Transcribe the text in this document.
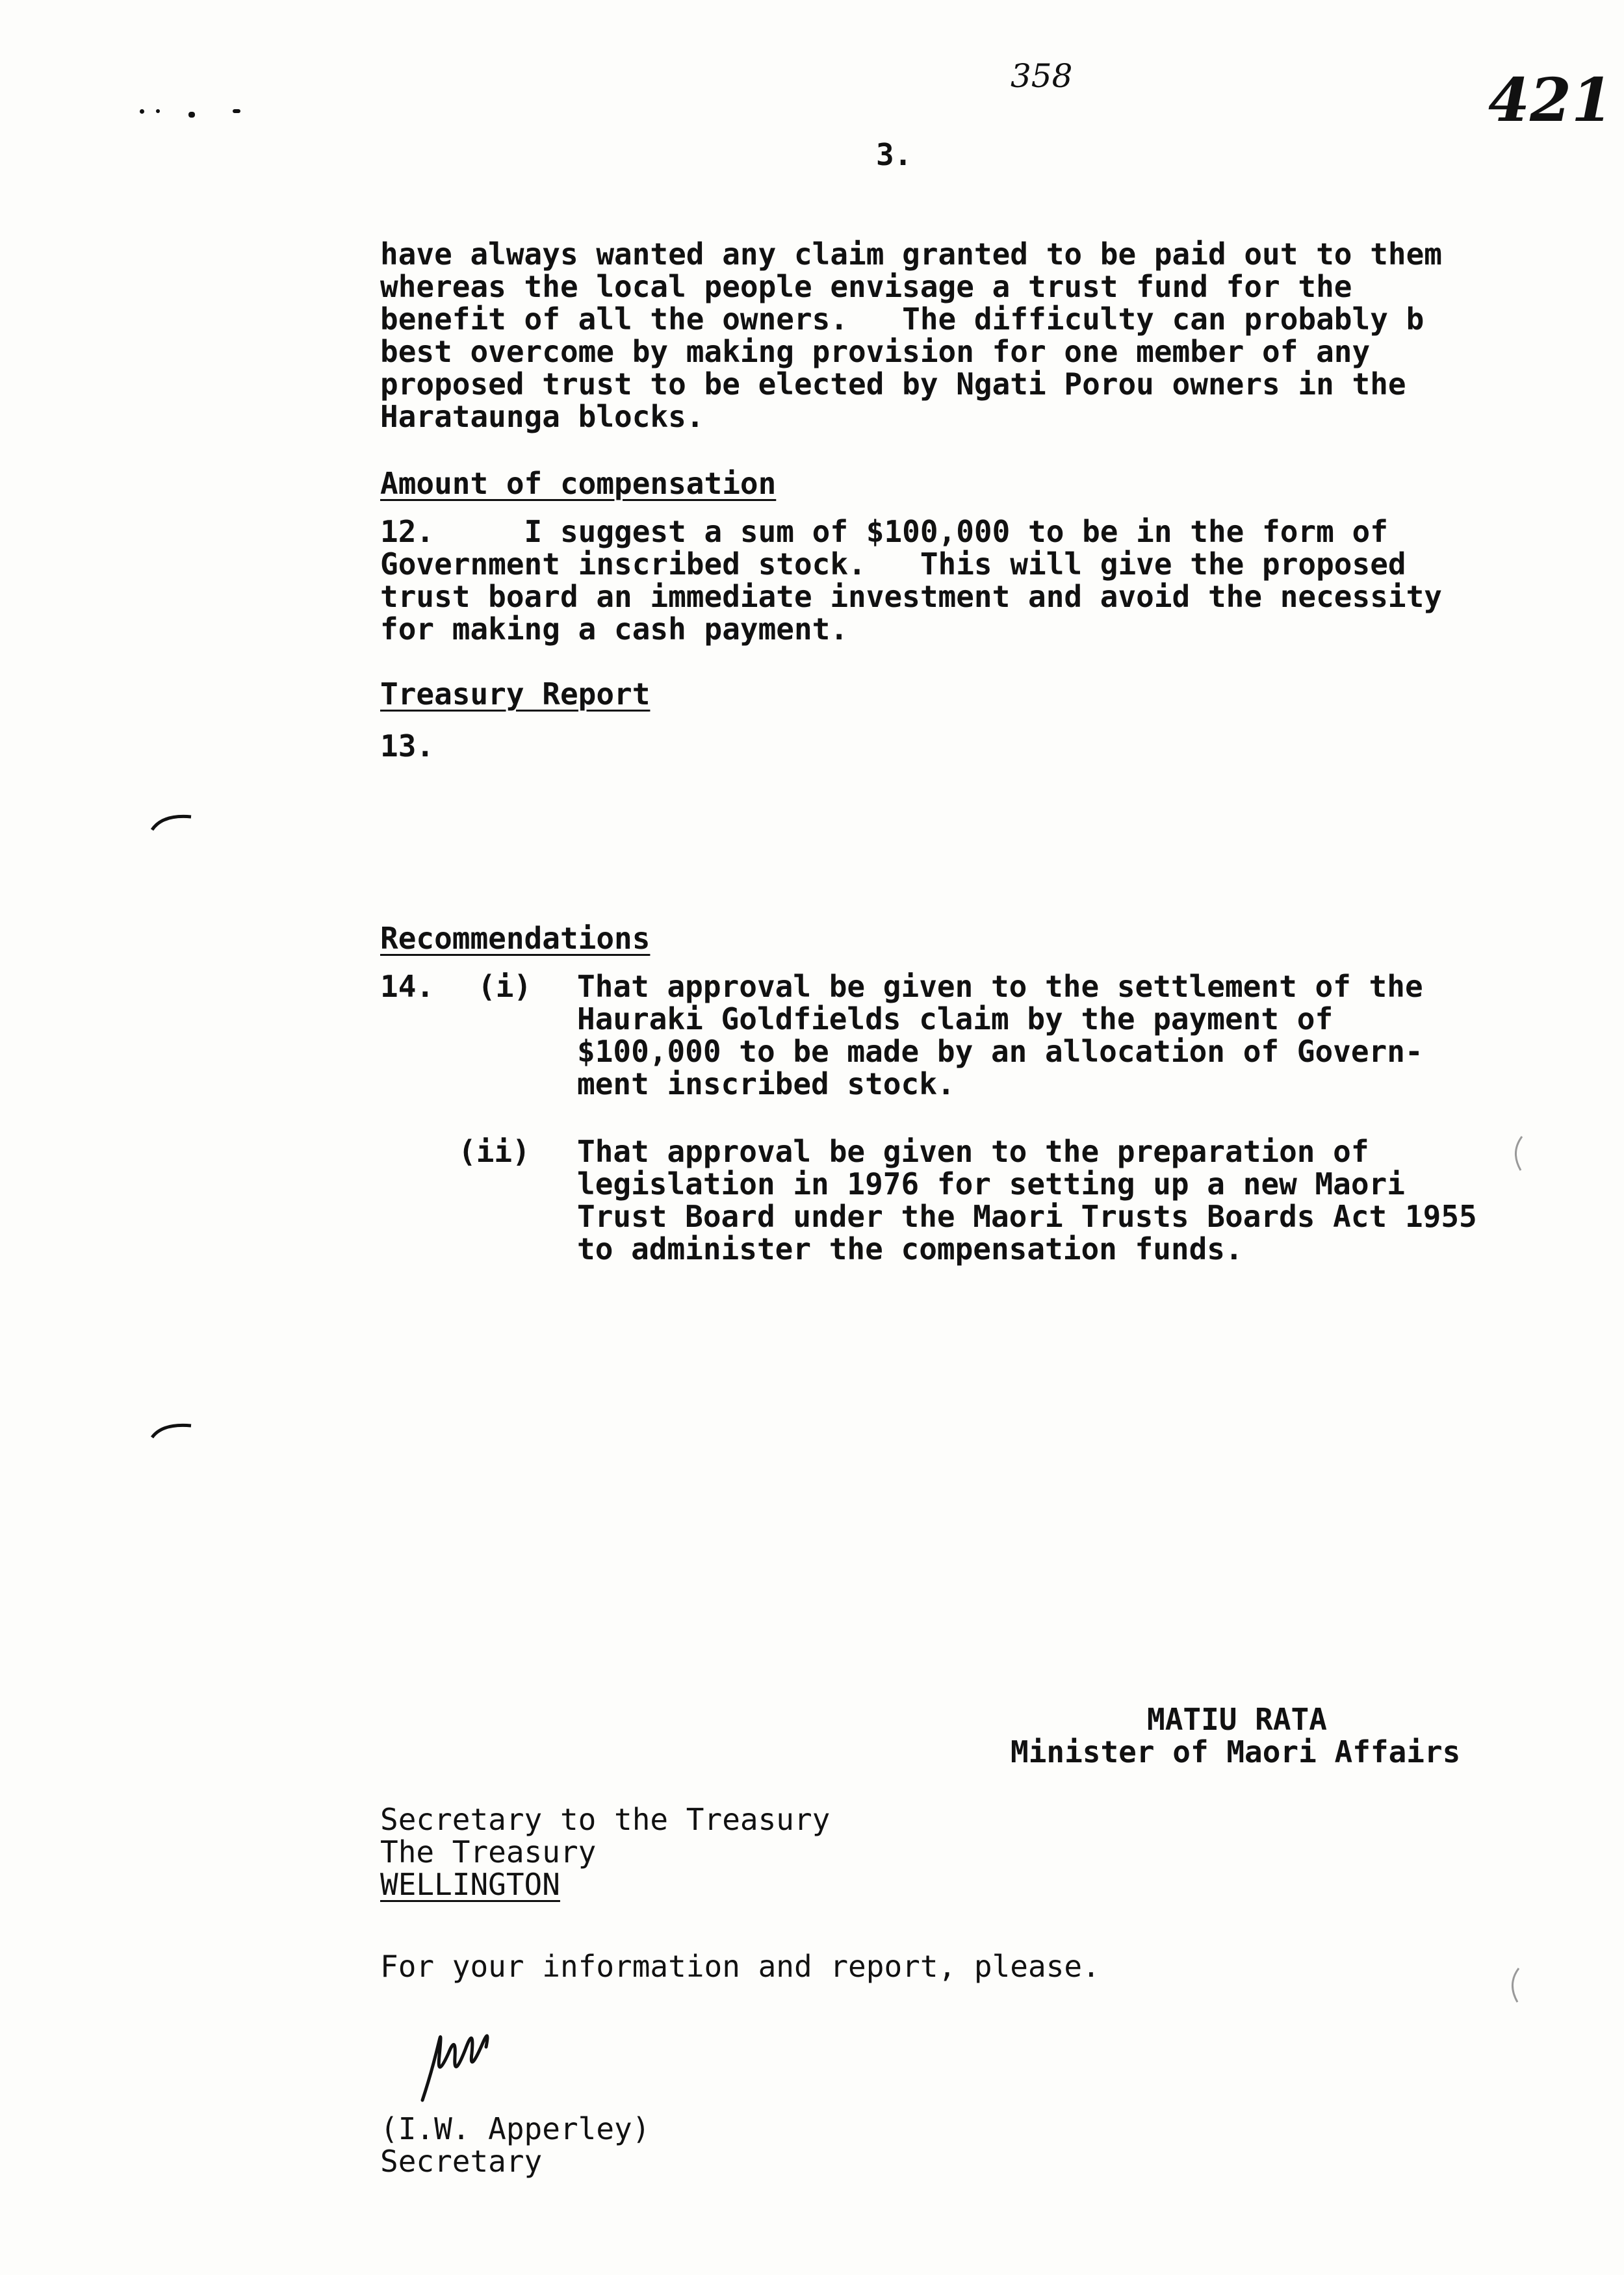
358	421
3.
have always wanted any claim granted to be paid out to them
whereas the local people envisage a trust fund for the
benefit of all the owners.   The difficulty can probably b
best overcome by making provision for one member of any
proposed trust to be elected by Ngati Porou owners in the
Harataunga blocks.
Amount of compensation
12.     I suggest a sum of $100,000 to be in the form of
Government inscribed stock.   This will give the proposed
trust board an immediate investment and avoid the necessity
for making a cash payment.
Treasury Report
13.
Recommendations
14. (i) That approval be given to the settlement of the
Hauraki Goldfields claim by the payment of
$100,000 to be made by an allocation of Govern-
ment inscribed stock.
(ii) That approval be given to the preparation of
legislation in 1976 for setting up a new Maori
Trust Board under the Maori Trusts Boards Act 1955
to administer the compensation funds.
MATIU RATA
Minister of Maori Affairs
Secretary to the Treasury
The Treasury
WELLINGTON
For your information and report, please.
(I.W. Apperley)
Secretary
